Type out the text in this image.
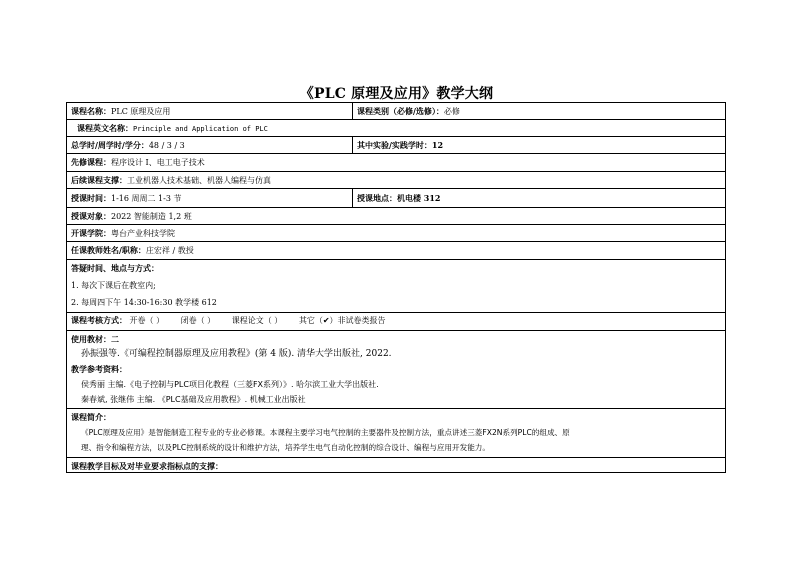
《PLC 原理及应用》教学大纲
课程名称：PLC 原理及应用	课程类别（必修/选修）：必修
课程英文名称：Principle and Application of PLC
总学时/周学时/学分：48 / 3 / 3	其中实验/实践学时：12
先修课程：程序设计 I、电工电子技术
后续课程支撑：工业机器人技术基础、机器人编程与仿真
授课时间：1-16 周周二 1-3 节	授课地点：机电楼 312
授课对象：2022 智能制造 1,2 班
开课学院：粤台产业科技学院
任课教师姓名/职称：庄宏祥 / 教授
答疑时间、地点与方式：
1. 每次下课后在教室内;
2. 每周四下午 14:30-16:30 教学楼 612
课程考核方式： 开卷（ ） 闭卷（ ） 课程论文（ ） 其它（✔）非试卷类报告
使用教材：二
孙振强等.《可编程控制器原理及应用教程》(第 4 版). 清华大学出版社, 2022.
教学参考资料：
侯秀丽 主编.《电子控制与PLC项目化教程（三菱FX系列）》. 哈尔滨工业大学出版社.
秦春斌, 张继伟 主编. 《PLC基础及应用教程》. 机械工业出版社
课程简介：
《PLC原理及应用》是智能制造工程专业的专业必修课。本课程主要学习电气控制的主要器件及控制方法，重点讲述三菱FX2N系列PLC的组成、原
理、指令和编程方法，以及PLC控制系统的设计和维护方法，培养学生电气自动化控制的综合设计、编程与应用开发能力。
课程教学目标及对毕业要求指标点的支撑：
